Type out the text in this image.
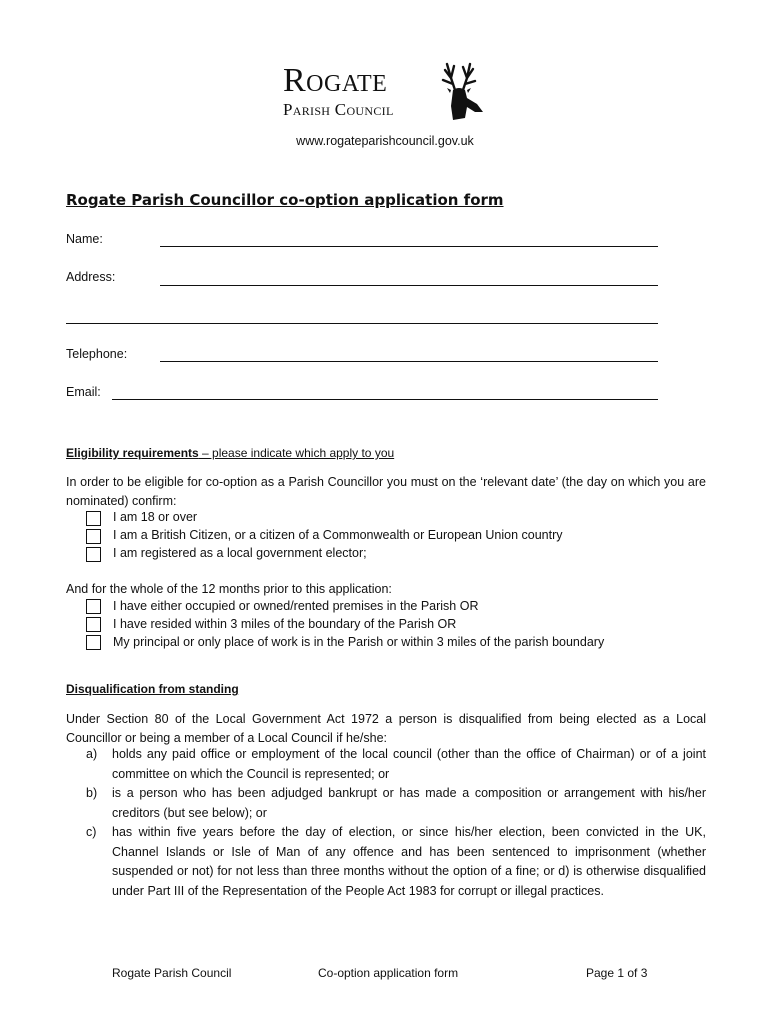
Rogate
Parish Council
www.rogateparishcouncil.gov.uk
Rogate Parish Councillor co-option application form
Name:
Address:
Telephone:
Email:
Eligibility requirements – please indicate which apply to you
In order to be eligible for co-option as a Parish Councillor you must on the ‘relevant date’ (the day on which you are nominated) confirm:
I am 18 or over
I am a British Citizen, or a citizen of a Commonwealth or European Union country
I am registered as a local government elector;
And for the whole of the 12 months prior to this application:
I have either occupied or owned/rented premises in the Parish OR
I have resided within 3 miles of the boundary of the Parish OR
My principal or only place of work is in the Parish or within 3 miles of the parish boundary
Disqualification from standing
Under Section 80 of the Local Government Act 1972 a person is disqualified from being elected as a Local Councillor or being a member of a Local Council if he/she:
a) holds any paid office or employment of the local council (other than the office of Chairman) or of a joint committee on which the Council is represented; or
b) is a person who has been adjudged bankrupt or has made a composition or arrangement with his/her creditors (but see below); or
c) has within five years before the day of election, or since his/her election, been convicted in the UK, Channel Islands or Isle of Man of any offence and has been sentenced to imprisonment (whether suspended or not) for not less than three months without the option of a fine; or d) is otherwise disqualified under Part III of the Representation of the People Act 1983 for corrupt or illegal practices.
Rogate Parish Council	Co-option application form	Page 1 of 3
